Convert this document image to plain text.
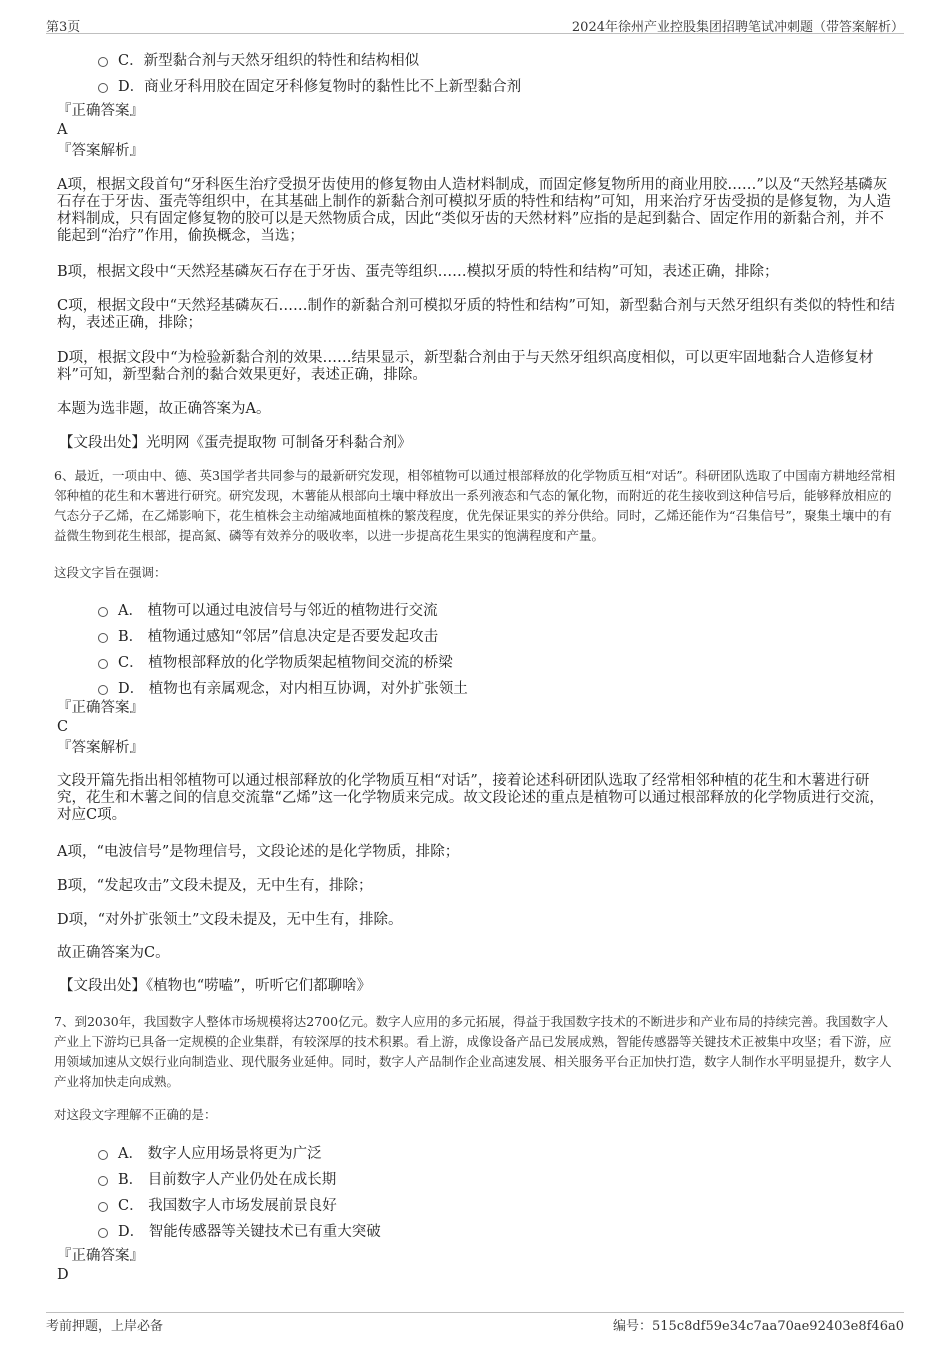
第3页	2024年徐州产业控股集团招聘笔试冲刺题（带答案解析）
C．新型黏合剂与天然牙组织的特性和结构相似
D．商业牙科用胶在固定牙科修复物时的黏性比不上新型黏合剂
『正确答案』
A
『答案解析』
A项，根据文段首句“牙科医生治疗受损牙齿使用的修复物由人造材料制成，而固定修复物所用的商业用胶……”以及“天然羟基磷灰石存在于牙齿、蛋壳等组织中，在其基础上制作的新黏合剂可模拟牙质的特性和结构”可知，用来治疗牙齿受损的是修复物，为人造材料制成，只有固定修复物的胶可以是天然物质合成，因此“类似牙齿的天然材料”应指的是起到黏合、固定作用的新黏合剂，并不能起到“治疗”作用，偷换概念，当选；
B项，根据文段中“天然羟基磷灰石存在于牙齿、蛋壳等组织……模拟牙质的特性和结构”可知，表述正确，排除；
C项，根据文段中“天然羟基磷灰石……制作的新黏合剂可模拟牙质的特性和结构”可知，新型黏合剂与天然牙组织有类似的特性和结构，表述正确，排除；
D项，根据文段中“为检验新黏合剂的效果……结果显示，新型黏合剂由于与天然牙组织高度相似，可以更牢固地黏合人造修复材料”可知，新型黏合剂的黏合效果更好，表述正确，排除。
本题为选非题，故正确答案为A。
【文段出处】光明网《蛋壳提取物 可制备牙科黏合剂》
6、最近，一项由中、德、英3国学者共同参与的最新研究发现，相邻植物可以通过根部释放的化学物质互相“对话”。科研团队选取了中国南方耕地经常相邻种植的花生和木薯进行研究。研究发现，木薯能从根部向土壤中释放出一系列液态和气态的氰化物，而附近的花生接收到这种信号后，能够释放相应的气态分子乙烯，在乙烯影响下，花生植株会主动缩减地面植株的繁茂程度，优先保证果实的养分供给。同时，乙烯还能作为“召集信号”，聚集土壤中的有益微生物到花生根部，提高氮、磷等有效养分的吸收率，以进一步提高花生果实的饱满程度和产量。
这段文字旨在强调：
A． 植物可以通过电波信号与邻近的植物进行交流
B． 植物通过感知“邻居”信息决定是否要发起攻击
C． 植物根部释放的化学物质架起植物间交流的桥梁
D． 植物也有亲属观念，对内相互协调，对外扩张领土
『正确答案』
C
『答案解析』
文段开篇先指出相邻植物可以通过根部释放的化学物质互相“对话”，接着论述科研团队选取了经常相邻种植的花生和木薯进行研究，花生和木薯之间的信息交流靠“乙烯”这一化学物质来完成。故文段论述的重点是植物可以通过根部释放的化学物质进行交流，对应C项。
A项，“电波信号”是物理信号，文段论述的是化学物质，排除；
B项，“发起攻击”文段未提及，无中生有，排除；
D项，“对外扩张领土”文段未提及，无中生有，排除。
故正确答案为C。
【文段出处】《植物也“唠嗑”，听听它们都聊啥》
7、到2030年，我国数字人整体市场规模将达2700亿元。数字人应用的多元拓展，得益于我国数字技术的不断进步和产业布局的持续完善。我国数字人产业上下游均已具备一定规模的企业集群，有较深厚的技术积累。看上游，成像设备产品已发展成熟，智能传感器等关键技术正被集中攻坚；看下游，应用领域加速从文娱行业向制造业、现代服务业延伸。同时，数字人产品制作企业高速发展、相关服务平台正加快打造，数字人制作水平明显提升，数字人产业将加快走向成熟。
对这段文字理解不正确的是：
A． 数字人应用场景将更为广泛
B． 目前数字人产业仍处在成长期
C． 我国数字人市场发展前景良好
D． 智能传感器等关键技术已有重大突破
『正确答案』
D
考前押题，上岸必备	编号：515c8df59e34c7aa70ae92403e8f46a0
